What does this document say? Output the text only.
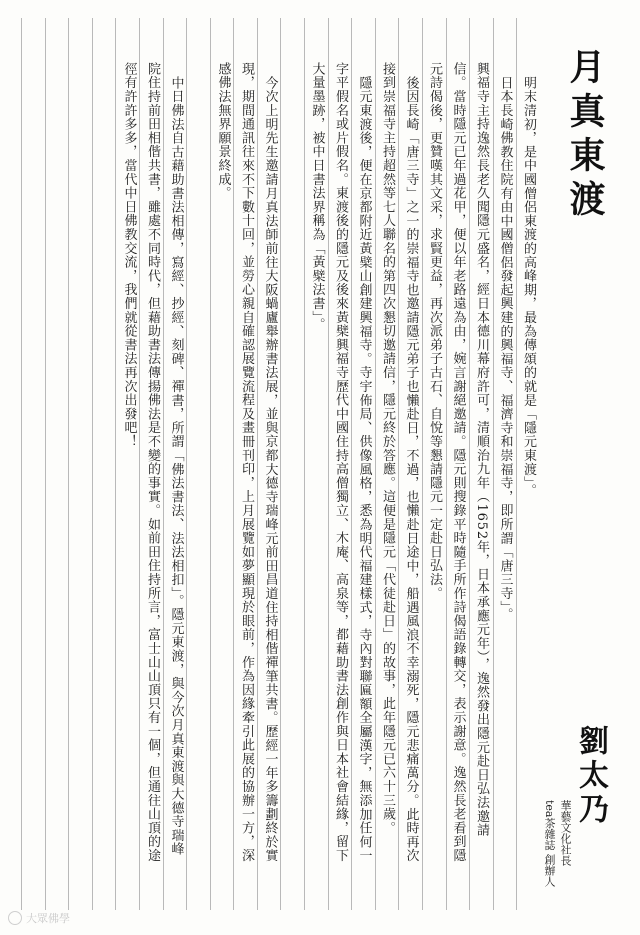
月真東渡
劉太乃
華藝文化社長
tea茶雜誌 創辦人
明末清初，是中國僧侶東渡的高峰期，最為傳頌的就是「隱元東渡」。
日本長崎佛教住院有由中國僧侶發起興建的興福寺、福濟寺和崇福寺，即所謂「唐三寺」。
興福寺主持逸然長老久聞隱元盛名，經日本德川幕府許可，清順治九年（1652年，日本承應元年），逸然發出隱元赴日弘法邀請
信。當時隱元已年過花甲，便以年老路遠為由，婉言謝絕邀請。隱元則搜錄平時隨手所作詩偈語錄轉交，表示謝意。逸然長老看到隱
元詩偈後，更贊嘆其文采，求賢更益，再次派弟子古石、自悅等懇請隱元一定赴日弘法。
後因長崎「唐三寺」之一的崇福寺也邀請隱元弟子也懶赴日，不過，也懶赴日途中，船遇風浪不幸溺死，隱元悲痛萬分。此時再次
接到崇福寺主持超然等七人聯名的第四次懇切邀請信，隱元終於答應。這便是隱元「代徒赴日」的故事，此年隱元已六十三歲。
隱元東渡後，便在京都附近黃檗山創建興福寺。寺宇佈局、供像風格，悉為明代福建樣式，寺內對聯匾額全屬漢字，無添加任何一
字平假名或片假名。東渡後的隱元及後來黃檗興福寺歷代中國住持高僧獨立、木庵、高泉等，都藉助書法創作與日本社會結緣，留下
大量墨跡，被中日書法界稱為「黃檗法書」。
今次上明先生邀請月真法師前往大阪蝸廬舉辦書法展，並與京都大德寺瑞峰元前田昌道住持相偕禪筆共書。歷經一年多籌劃終於實
現，期間通訊往來不下數十回，並勞心親自確認展覽流程及畫冊刊印，上月展覽如夢顯現於眼前，作為因緣牽引此展的協辦一方，深
感佛法無界願景終成。
中日佛法自古藉助書法相傳，寫經、抄經、刻碑、禪書，所謂「佛法書法、法法相扣」。隱元東渡，與今次月真東渡與大德寺瑞峰
院住持前田相偕共書，雖處不同時代，但藉助書法傳揚佛法是不變的事實。如前田住持所言，富士山山頂只有一個，但通往山頂的途
徑有許許多多，當代中日佛教交流，我們就從書法再次出發吧！
大眾佛學
